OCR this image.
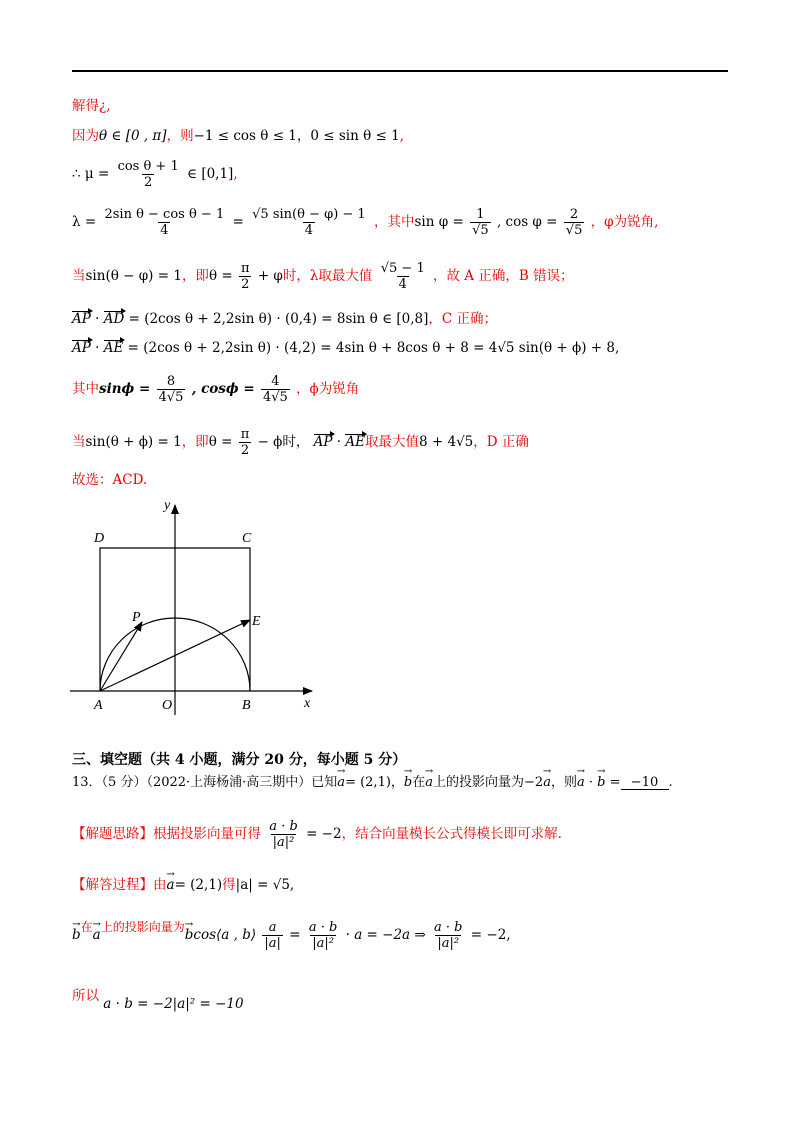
解得¿,
因为θ ∈ [0 , π]，则−1 ≤ cos θ ≤ 1，0 ≤ sin θ ≤ 1,
∴ $\mu = \frac{\text{cos θ + 1}}{2}$ ∈ [0,1],
$\lambda = \frac{\text{2sin θ − cos θ − 1}}{4} = \frac{√5 \sin(\theta - \varphi) - 1}{4}$ ，其中$\sin \varphi = \frac{1}{√5}$ , $\cos \varphi = \frac{2}{√5}$ ，φ为锐角,
当sin(θ − φ) = 1，即$\theta = \frac{\pi}{2} + \varphi$时，λ取最大值 $\frac{√5 - 1}{4}$ ，故 A 正确，B 错误；
AP · AD = (2cos θ + 2,2sin θ) · (0,4) = 8sin θ ∈ [0,8]，C 正确；
AP · AE = (2cos θ + 2,2sin θ) · (4,2) = 4sin θ + 8cos θ + 8 = 4√5 sin(θ + ϕ) + 8,
其中$\sin\phi = \frac{8}{4√5}$ , $\cos\phi = \frac{4}{4√5}$ ，ϕ为锐角
当sin(θ + ϕ) = 1，即$\theta = \frac{\pi}{2} - \phi$时， AP · AE取最大值8 + 4√5，D 正确
故选：ACD.
y
x
D	C
P	E
A	O	B
三、填空题（共 4 小题，满分 20 分，每小题 5 分）
13．（5 分）（2022·上海杨浦·高三期中）已知→ a= (2,1)，→ b在→ a上的投影向量为−2→ a，则→ a · → b = −10 .
【解题思路】根据投影向量可得 $\frac{a \cdot b}{\text{|a|²}} = -2$，结合向量模长公式得模长即可求解.
【解答过程】由→ a= (2,1)得|a| = √5,
→ b在→ a上的投影向量为→ bcos⟨a , b⟩ $\frac{a}{|a|} = \frac{a \cdot b}{\text{|a|²}} \cdot a = -2a$ ⇒ $\frac{a \cdot b}{\text{|a|²}} = -2$,
所以 a · b = −2|a|² = −10
